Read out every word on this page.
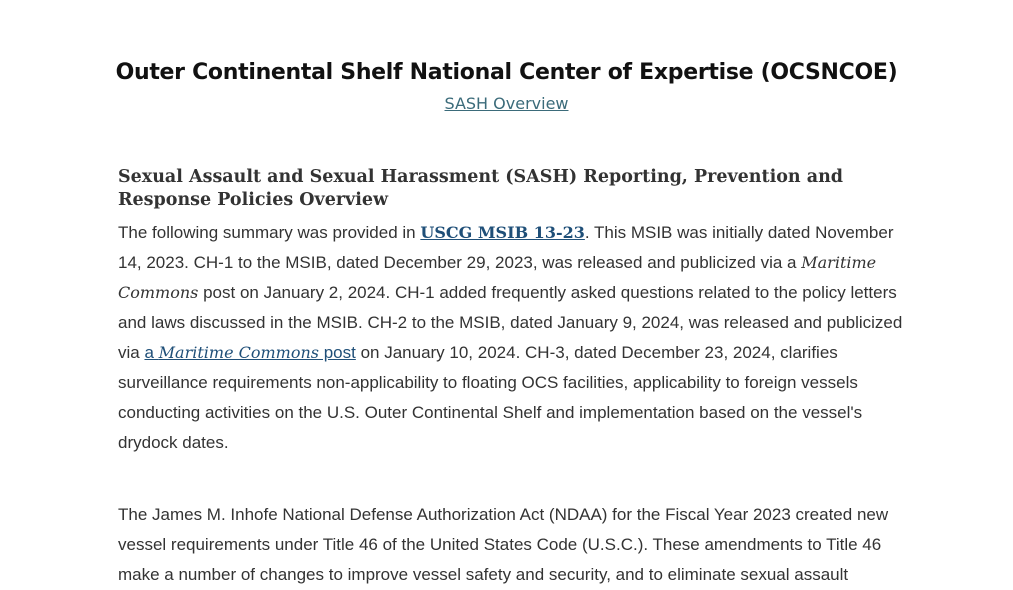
Outer Continental Shelf National Center of Expertise (OCSNCOE)
SASH Overview
Sexual Assault and Sexual Harassment (SASH) Reporting, Prevention and Response Policies Overview

The following summary was provided in USCG MSIB 13-23. This MSIB was initially dated November 14, 2023. CH-1 to the MSIB, dated December 29, 2023, was released and publicized via a Maritime Commons post on January 2, 2024. CH-1 added frequently asked questions related to the policy letters and laws discussed in the MSIB. CH-2 to the MSIB, dated January 9, 2024, was released and publicized via a Maritime Commons post on January 10, 2024. CH-3, dated December 23, 2024, clarifies surveillance requirements non-applicability to floating OCS facilities, applicability to foreign vessels conducting activities on the U.S. Outer Continental Shelf and implementation based on the vessel's drydock dates.

The James M. Inhofe National Defense Authorization Act (NDAA) for the Fiscal Year 2023 created new vessel requirements under Title 46 of the United States Code (U.S.C.). These amendments to Title 46 make a number of changes to improve vessel safety and security, and to eliminate sexual assault
